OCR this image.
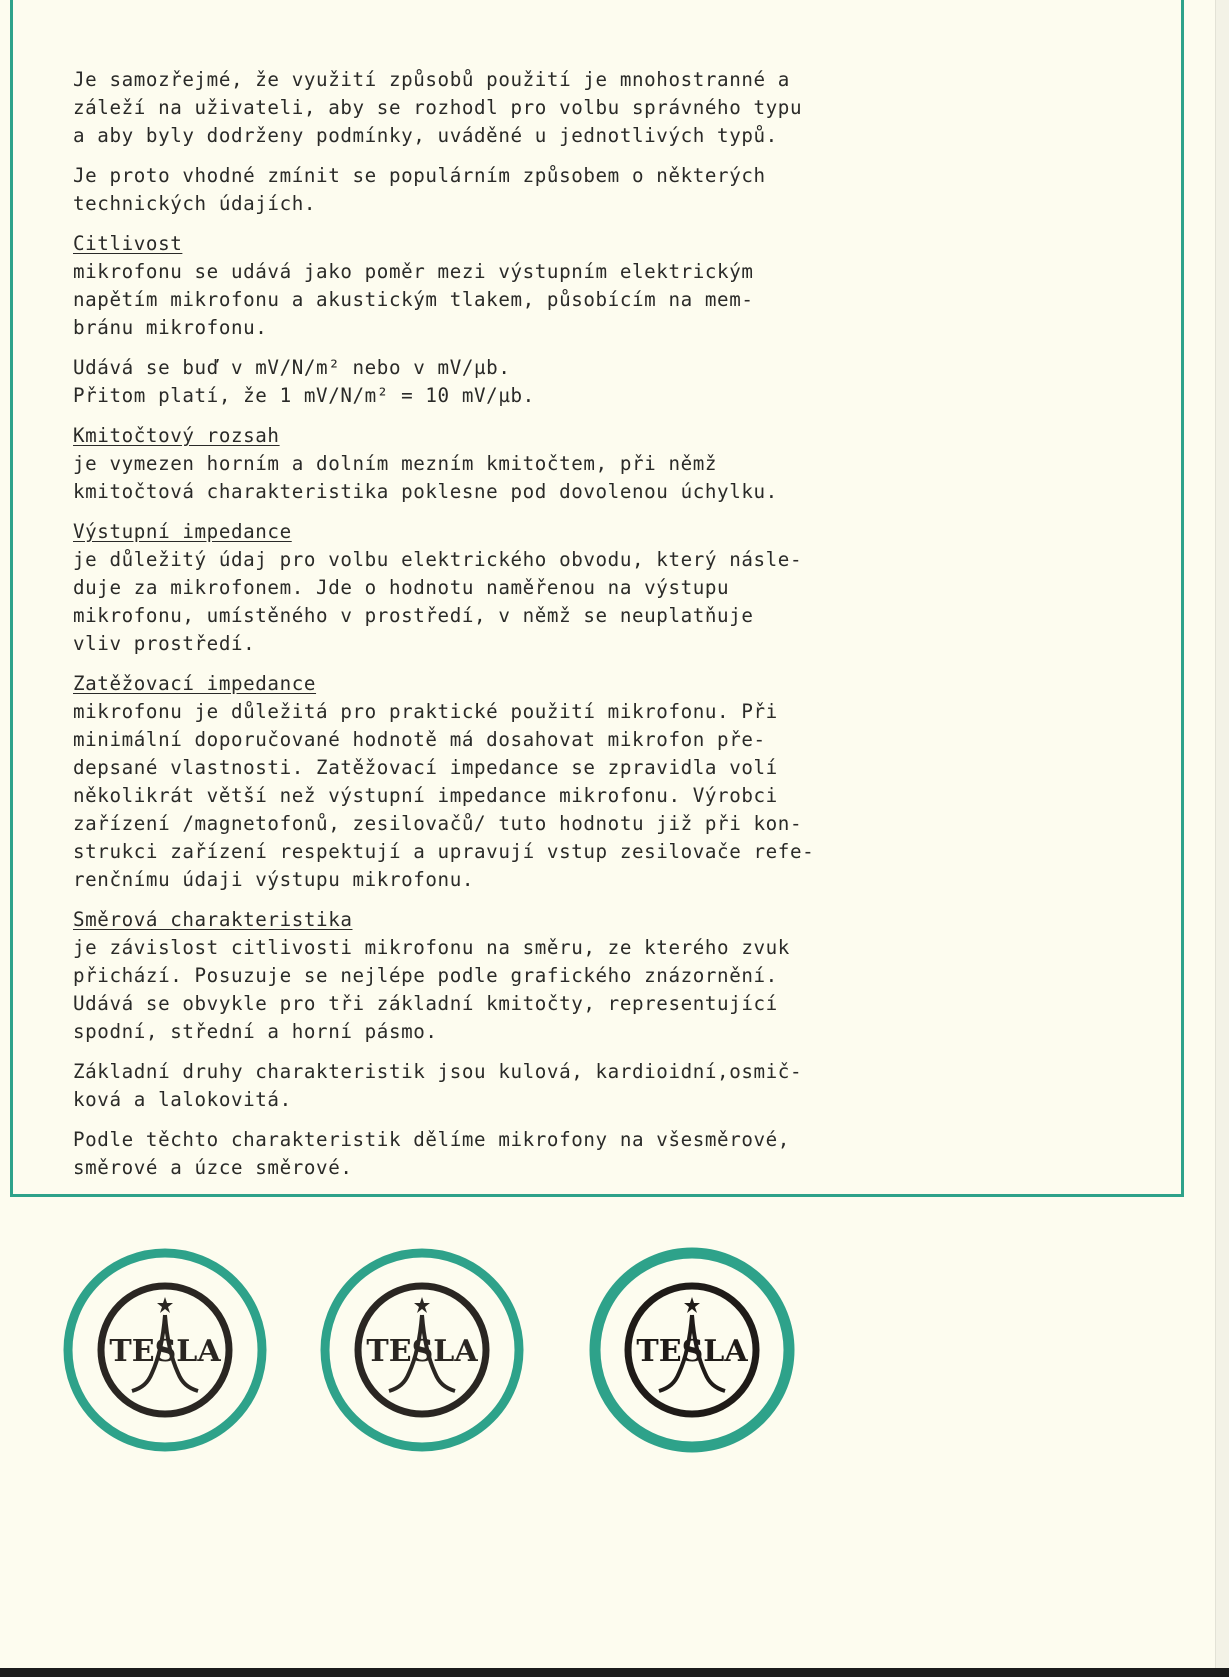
Je samozřejmé, že využití způsobů použití je mnohostranné a
záleží na uživateli, aby se rozhodl pro volbu správného typu
a aby byly dodrženy podmínky, uváděné u jednotlivých typů.

Je proto vhodné zmínit se populárním způsobem o některých
technických údajích.

Citlivost
mikrofonu se udává jako poměr mezi výstupním elektrickým
napětím mikrofonu a akustickým tlakem, působícím na mem-
bránu mikrofonu.

Udává se buď v mV/N/m² nebo v mV/µb.
Přitom platí, že 1 mV/N/m² = 10 mV/µb.

Kmitočtový rozsah
je vymezen horním a dolním mezním kmitočtem, při němž
kmitočtová charakteristika poklesne pod dovolenou úchylku.

Výstupní impedance
je důležitý údaj pro volbu elektrického obvodu, který násle-
duje za mikrofonem. Jde o hodnotu naměřenou na výstupu
mikrofonu, umístěného v prostředí, v němž se neuplatňuje
vliv prostředí.

Zatěžovací impedance
mikrofonu je důležitá pro praktické použití mikrofonu. Při
minimální doporučované hodnotě má dosahovat mikrofon pře-
depsané vlastnosti. Zatěžovací impedance se zpravidla volí
několikrát větší než výstupní impedance mikrofonu. Výrobci
zařízení /magnetofonů, zesilovačů/ tuto hodnotu již při kon-
strukci zařízení respektují a upravují vstup zesilovače refe-
renčnímu údaji výstupu mikrofonu.

Směrová charakteristika
je závislost citlivosti mikrofonu na směru, ze kterého zvuk
přichází. Posuzuje se nejlépe podle grafického znázornění.
Udává se obvykle pro tři základní kmitočty, representující
spodní, střední a horní pásmo.

Základní druhy charakteristik jsou kulová, kardioidní,osmič-
ková a lalokovitá.

Podle těchto charakteristik dělíme mikrofony na všesměrové,
směrové a úzce směrové.

TESLA	TESLA	TESLA
